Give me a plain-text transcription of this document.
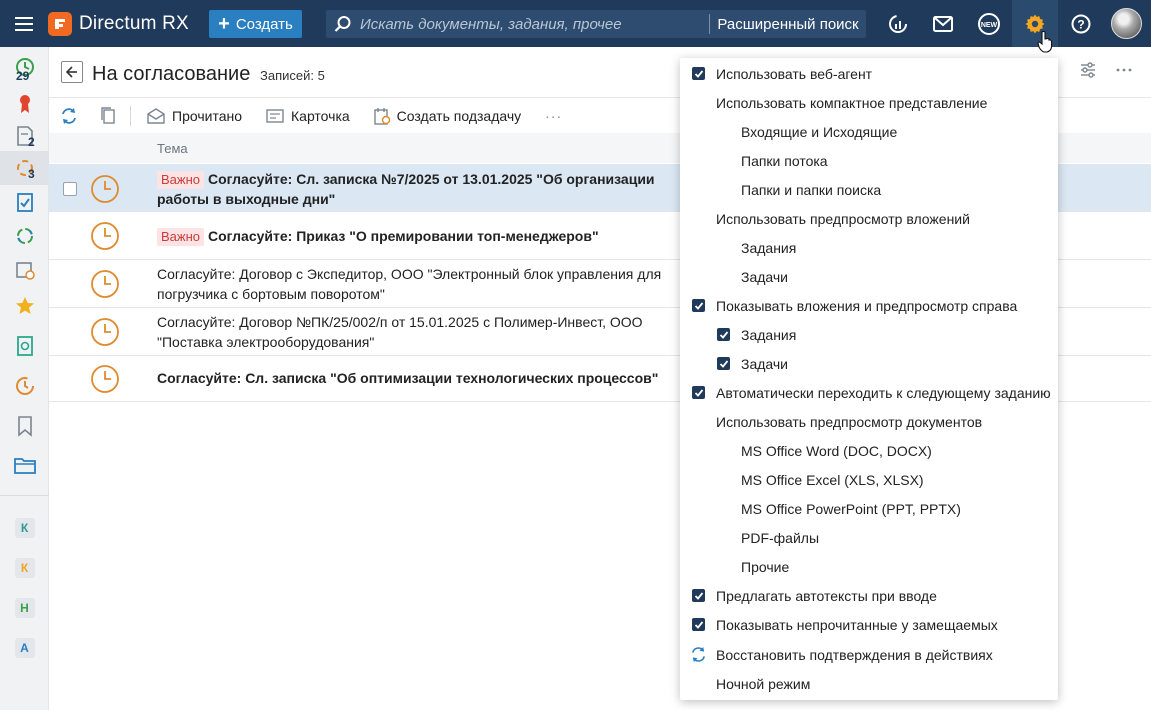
Directum RX + Создать
Искать документы, задания, прочее	Расширенный поиск	NEW	?
29
2
3
К
К
Н
А
На согласование Записей: 5
Прочитано	Карточка	Создать подзадачу ···
Тема
Важно Согласуйте: Сл. записка №7/2025 от 13.01.2025 "Об организации
работы в выходные дни"
Важно Согласуйте: Приказ "О премировании топ-менеджеров"
Согласуйте: Договор с Экспедитор, ООО "Электронный блок управления для
погрузчика с бортовым поворотом"
Согласуйте: Договор №ПК/25/002/п от 15.01.2025 с Полимер-Инвест, ООО
"Поставка электрооборудования"
Согласуйте: Сл. записка "Об оптимизации технологических процессов"
Использовать веб-агент
Использовать компактное представление
Входящие и Исходящие
Папки потока
Папки и папки поиска
Использовать предпросмотр вложений
Задания
Задачи
Показывать вложения и предпросмотр справа
Задания
Задачи
Автоматически переходить к следующему заданию
Использовать предпросмотр документов
MS Office Word (DOC, DOCX)
MS Office Excel (XLS, XLSX)
MS Office PowerPoint (PPT, PPTX)
PDF-файлы
Прочие
Предлагать автотексты при вводе
Показывать непрочитанные у замещаемых
Восстановить подтверждения в действиях
Ночной режим
